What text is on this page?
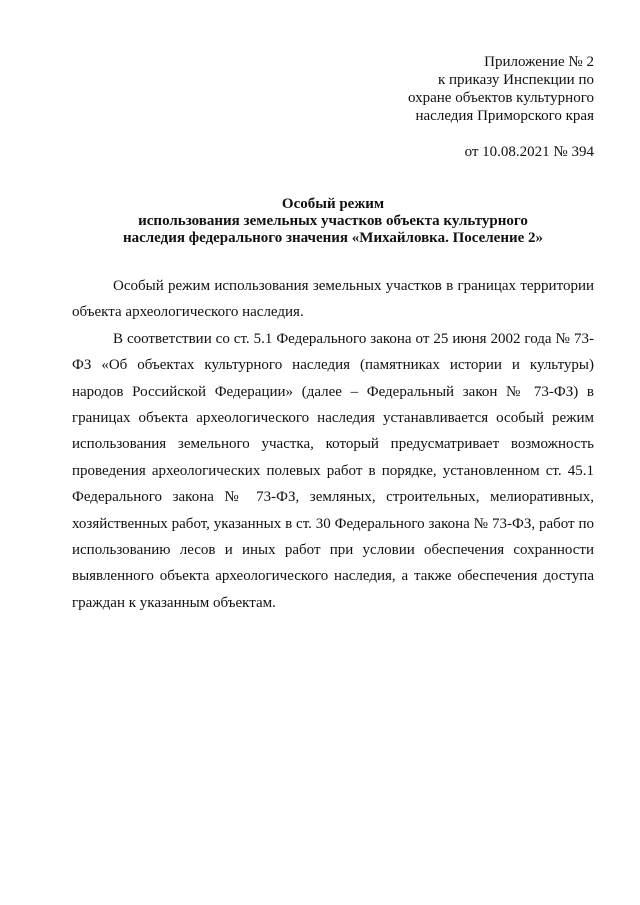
Приложение № 2
к приказу Инспекции по
охране объектов культурного
наследия Приморского края
от 10.08.2021 № 394
Особый режим
использования земельных участков объекта культурного
наследия федерального значения «Михайловка. Поселение 2»

Особый режим использования земельных участков в границах территории объекта археологического наследия.

В соответствии со ст. 5.1 Федерального закона от 25 июня 2002 года № 73-ФЗ «Об объектах культурного наследия (памятниках истории и культуры) народов Российской Федерации» (далее – Федеральный закон № 73-ФЗ) в границах объекта археологического наследия устанавливается особый режим использования земельного участка, который предусматривает возможность проведения археологических полевых работ в порядке, установленном ст. 45.1 Федерального закона № 73-ФЗ, земляных, строительных, мелиоративных, хозяйственных работ, указанных в ст. 30 Федерального закона № 73-ФЗ, работ по использованию лесов и иных работ при условии обеспечения сохранности выявленного объекта археологического наследия, а также обеспечения доступа граждан к указанным объектам.
